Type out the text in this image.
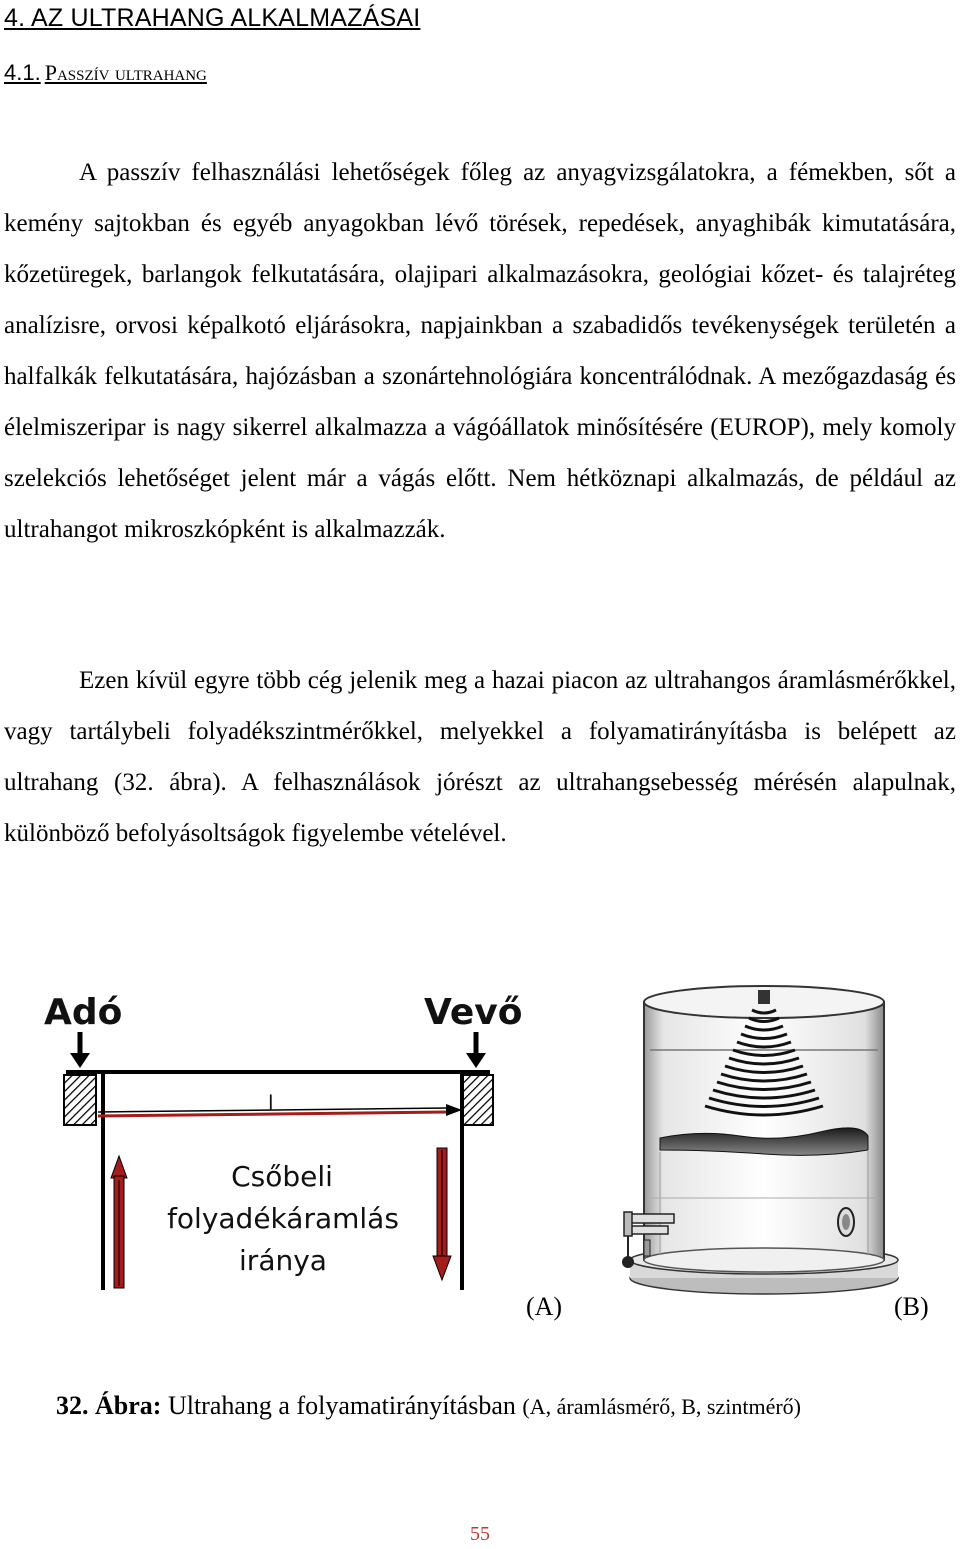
4. AZ ULTRAHANG ALKALMAZÁSAI
4.1. Passzív ultrahang

A passzív felhasználási lehetőségek főleg az anyagvizsgálatokra, a fémekben, sőt a kemény sajtokban és egyéb anyagokban lévő törések, repedések, anyaghibák kimutatására, kőzetüregek, barlangok felkutatására, olajipari alkalmazásokra, geológiai kőzet- és talajréteg analízisre, orvosi képalkotó eljárásokra, napjainkban a szabadidős tevékenységek területén a halfalkák felkutatására, hajózásban a szonártehnológiára koncentrálódnak. A mezőgazdaság és élelmiszeripar is nagy sikerrel alkalmazza a vágóállatok minősítésére (EUROP), mely komoly szelekciós lehetőséget jelent már a vágás előtt. Nem hétköznapi alkalmazás, de például az ultrahangot mikroszkópként is alkalmazzák.

Ezen kívül egyre több cég jelenik meg a hazai piacon az ultrahangos áramlásmérőkkel, vagy tartálybeli folyadékszintmérőkkel, melyekkel a folyamatirányításba is belépett az ultrahang (32. ábra). A felhasználások jórészt az ultrahangsebesség mérésén alapulnak, különböző befolyásoltságok figyelembe vételével.

Adó	Vevő
l
Csőbeli
folyadékáramlás
iránya
(A)	(B)
32. Ábra: Ultrahang a folyamatirányításban (A, áramlásmérő, B, szintmérő)
55
